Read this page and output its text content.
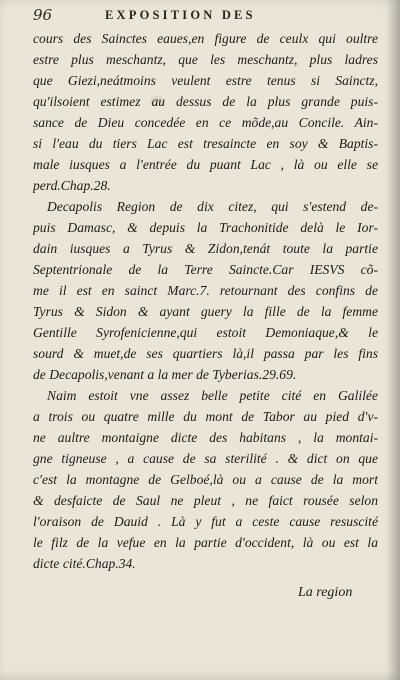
96	EXPOSITION DES
cours des Sainctes eaues,en figure de ceulx qui oultre
estre plus meschantz, que les meschantz, plus ladres
que Giezi,neátmoins veulent estre tenus si Sainctz,
qu'ilsoient estimez au dessus de la plus grande puis-
sance de Dieu concedée en ce mõde,au Concile. Ain-
si l'eau du tiers Lac est tresaincte en soy & Baptis-
male iusques a l'entrée du puant Lac , là ou elle se
perd.Chap.28.
Decapolis Region de dix citez, qui s'estend de-
puis Damasc, & depuis la Trachonitide delà le Ior-
dain iusques a Tyrus & Zidon,tenát toute la partie
Septentrionale de la Terre Saincte.Car IESVS cõ-
me il est en sainct Marc.7. retournant des confins de
Tyrus & Sidon & ayant guery la fille de la femme
Gentille Syrofenicienne,qui estoit Demoniaque,& le
sourd & muet,de ses quartiers là,il passa par les fins
de Decapolis,venant a la mer de Tyberias.29.69.
Naim estoit vne assez belle petite cité en Galilée
a trois ou quatre mille du mont de Tabor au pied d'v-
ne aultre montaigne dicte des habitans , la montai-
gne tigneuse , a cause de sa sterilité . & dict on que
c'est la montagne de Gelboé,là ou a cause de la mort
& desfaicte de Saul ne pleut , ne faict rousée selon
l'oraison de Dauid . Là y fut a ceste cause resuscité
le filz de la vefue en la partie d'occident, là ou est la
dicte cité.Chap.34.
La region
